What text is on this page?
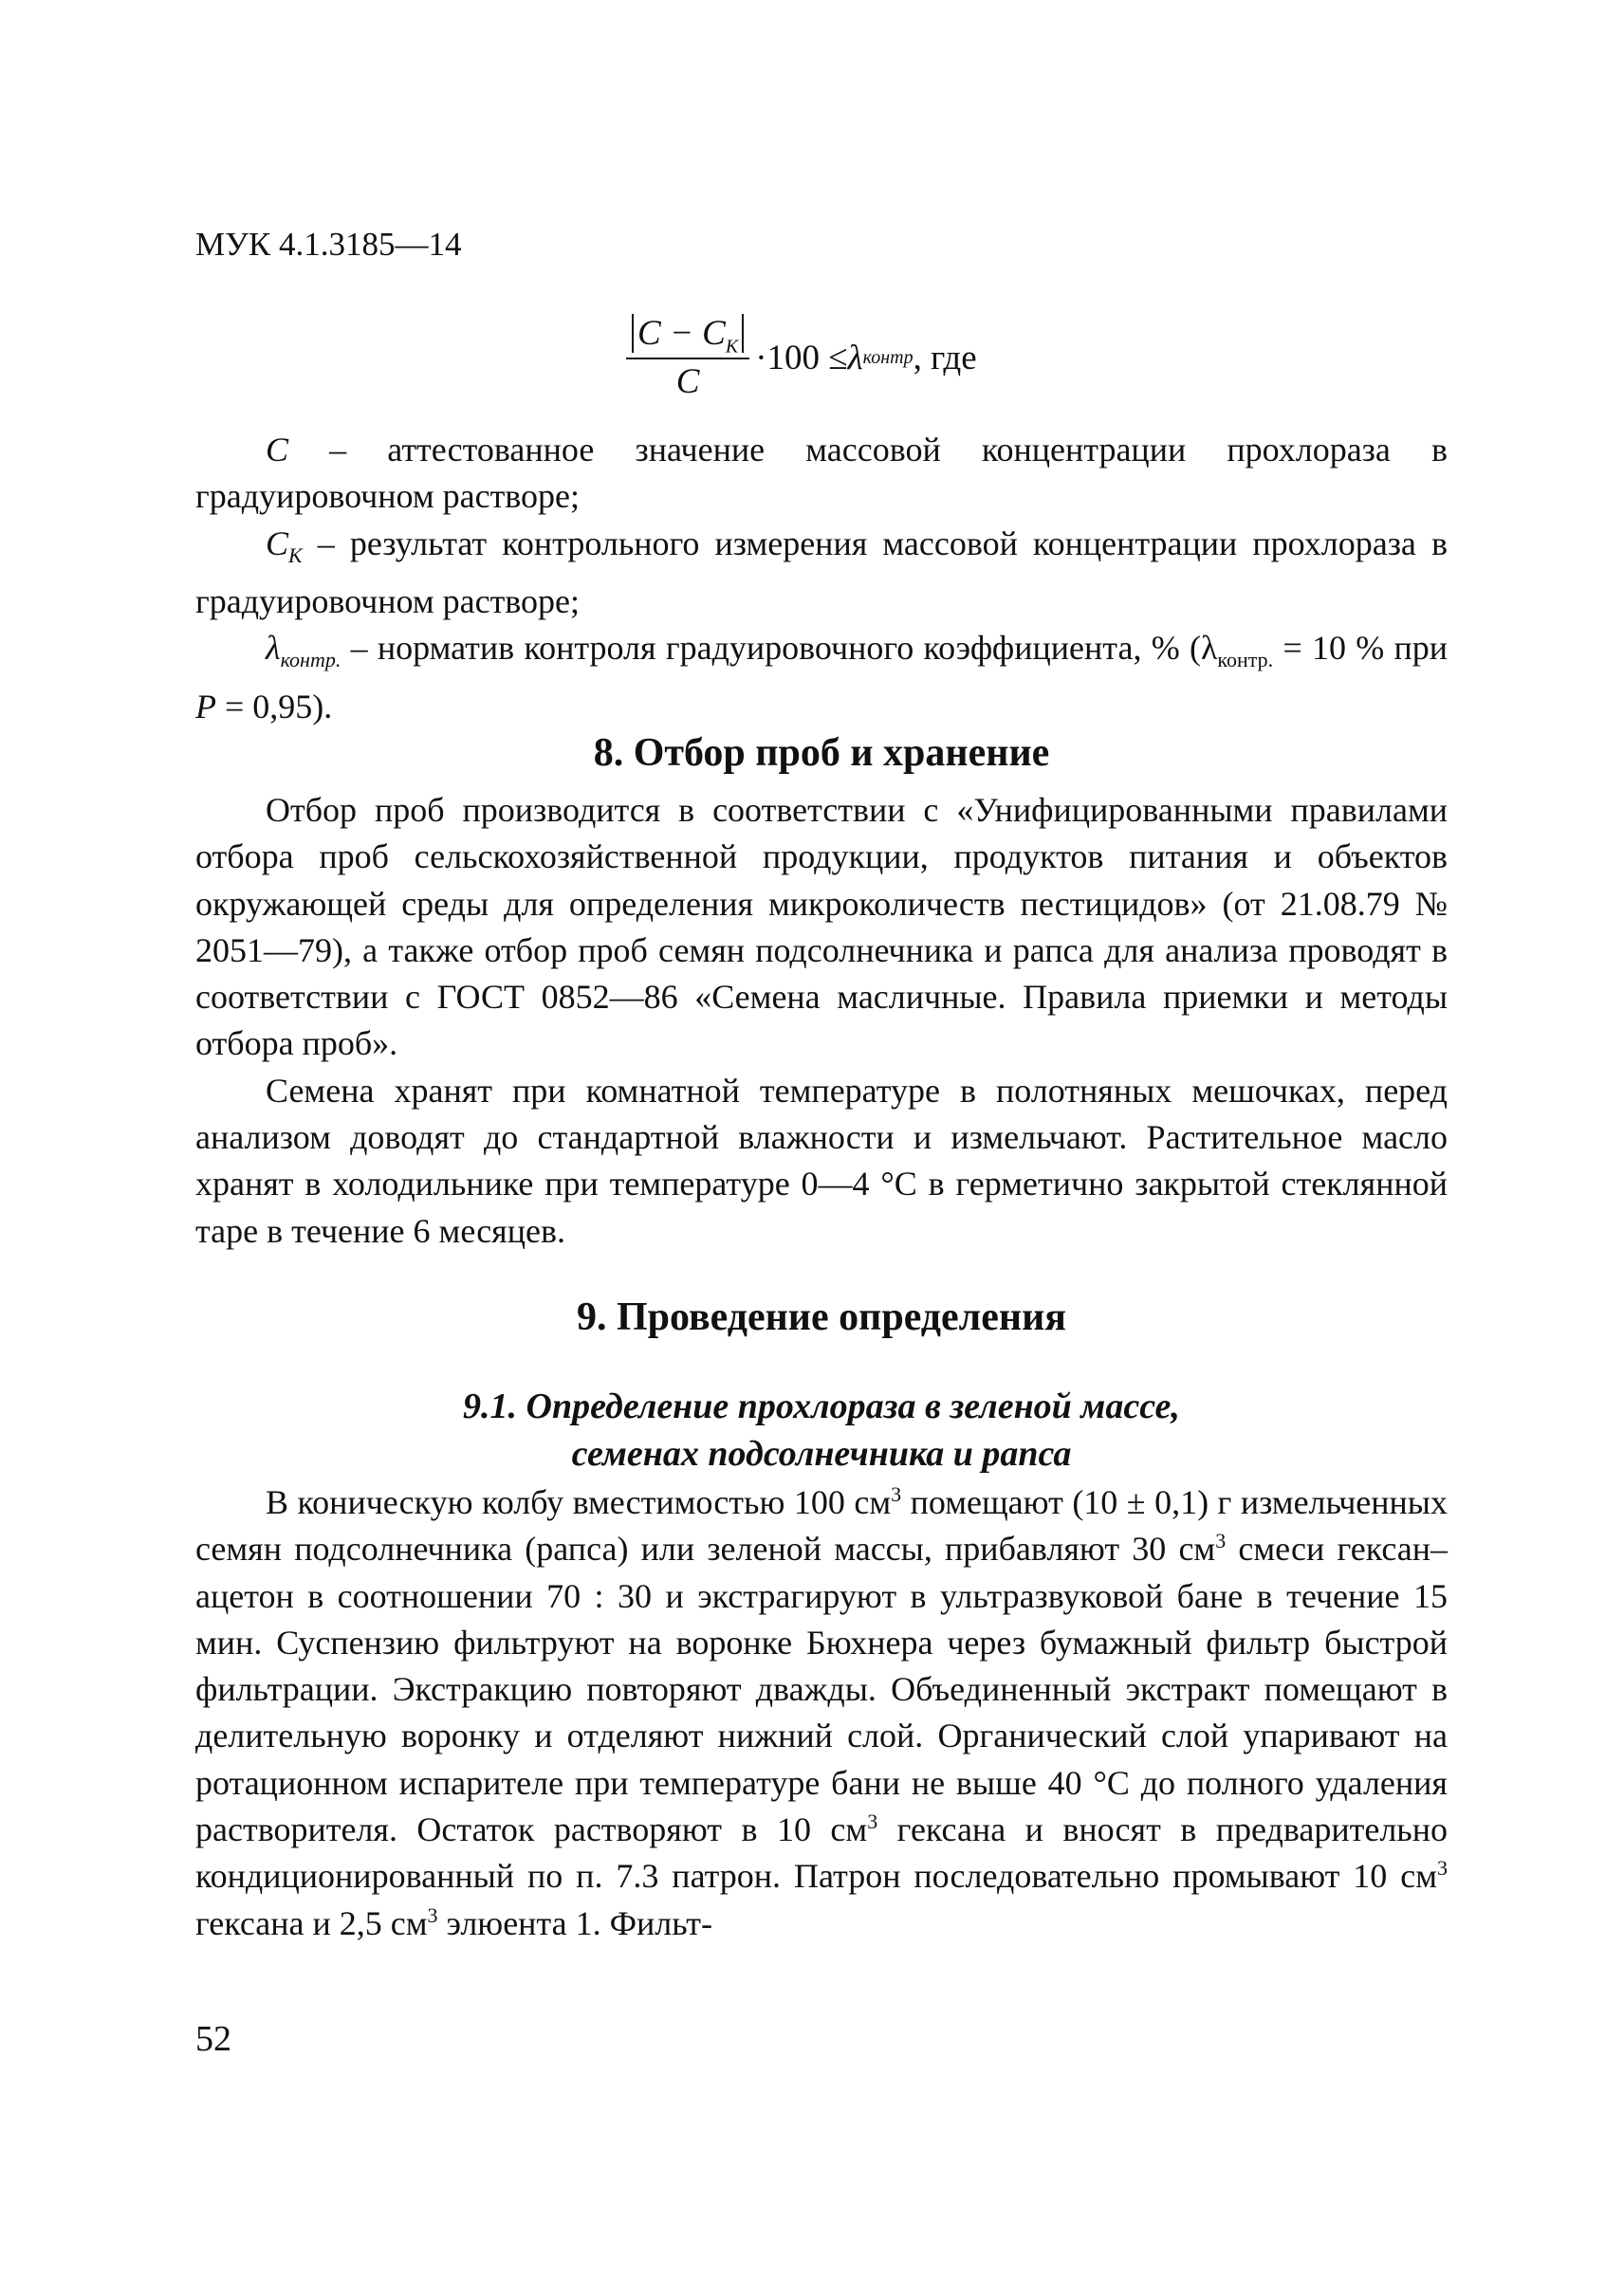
МУК 4.1.3185—14
$\frac{C - C_K}{C} \cdot 100 \le \lambda$ контр , где

C – аттестованное значение массовой концентрации прохлораза в градуировочном растворе;

$C_K$ – результат контрольного измерения массовой концентрации прохлораза в градуировочном растворе;

$\lambda_{контр.}$ – норматив контроля градуировочного коэффициента, % ($\lambda_{контр.} = 10$ % при P = 0,95).

8. Отбор проб и хранение

Отбор проб производится в соответствии с «Унифицированными правилами отбора проб сельскохозяйственной продукции, продуктов питания и объектов окружающей среды для определения микроколичеств пестицидов» (от 21.08.79 № 2051—79), а также отбор проб семян подсолнечника и рапса для анализа проводят в соответствии с ГОСТ 0852—86 «Семена масличные. Правила приемки и методы отбора проб».

Семена хранят при комнатной температуре в полотняных мешочках, перед анализом доводят до стандартной влажности и измельчают. Растительное масло хранят в холодильнике при температуре 0—4 °С в герметично закрытой стеклянной таре в течение 6 месяцев.

9. Проведение определения
9.1. Определение прохлораза в зеленой массе,
семенах подсолнечника и рапса

В коническую колбу вместимостью 100 $см^3$ помещают (10 ± 0,1) г измельченных семян подсолнечника (рапса) или зеленой массы, прибавляют 30 $см^3$ смеси гексан–ацетон в соотношении 70 : 30 и экстрагируют в ультразвуковой бане в течение 15 мин. Суспензию фильтруют на воронке Бюхнера через бумажный фильтр быстрой фильтрации. Экстракцию повторяют дважды. Объединенный экстракт помещают в делительную воронку и отделяют нижний слой. Органический слой упаривают на ротационном испарителе при температуре бани не выше 40 °С до полного удаления растворителя. Остаток растворяют в 10 $см^3$ гексана и вносят в предварительно кондиционированный по п. 7.3 патрон. Патрон последовательно промывают 10 $см^3$ гексана и 2,5 $см^3$ элюента 1. Фильт-

52
